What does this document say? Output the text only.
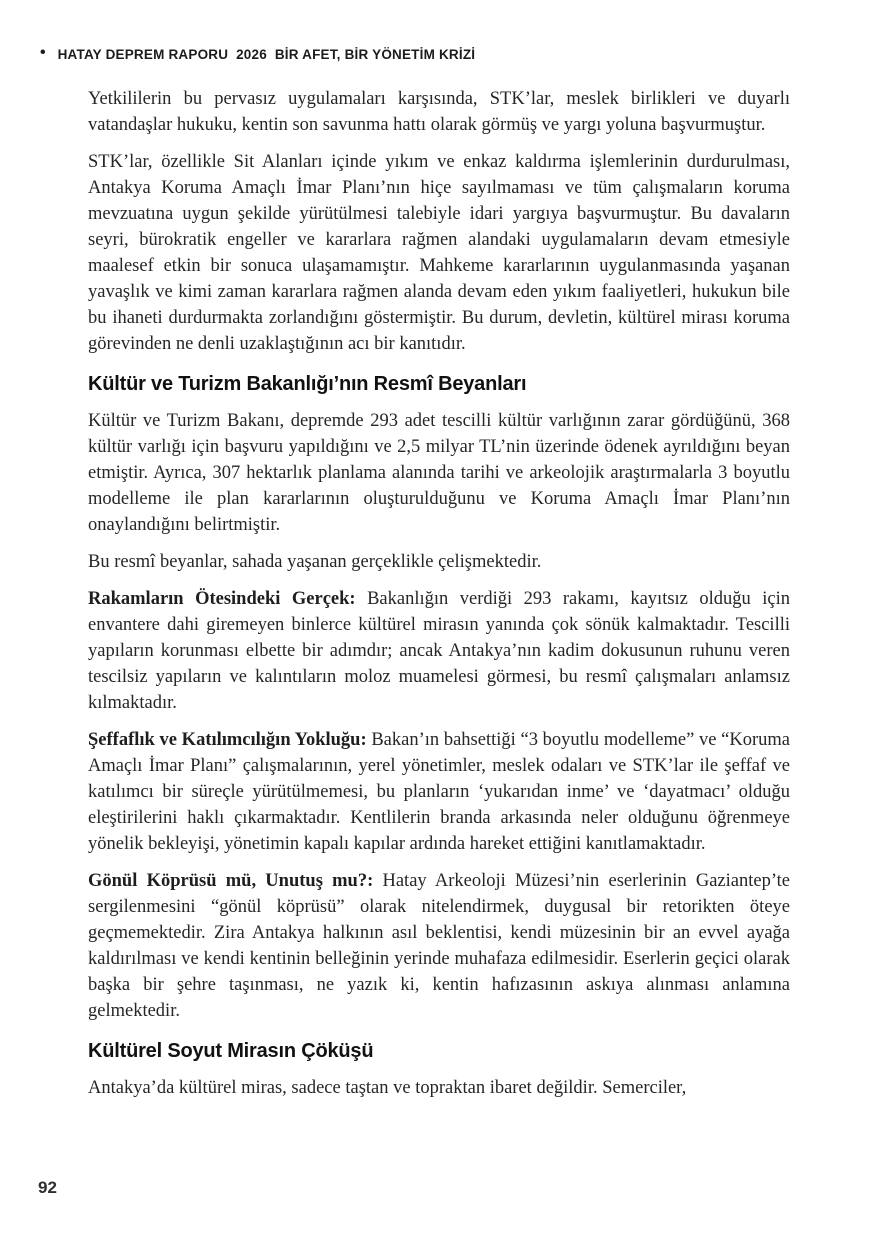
• HATAY DEPREM RAPORU  2026  BİR AFET, BİR YÖNETİM KRİZİ

Yetkililerin bu pervasız uygulamaları karşısında, STK’lar, meslek birlikleri ve duyarlı vatandaşlar hukuku, kentin son savunma hattı olarak görmüş ve yargı yoluna başvurmuştur.

STK’lar, özellikle Sit Alanları içinde yıkım ve enkaz kaldırma işlemlerinin durdurulması, Antakya Koruma Amaçlı İmar Planı’nın hiçe sayılmaması ve tüm çalışmaların koruma mevzuatına uygun şekilde yürütülmesi talebiyle idari yargıya başvurmuştur. Bu davaların seyri, bürokratik engeller ve kararlara rağmen alandaki uygulamaların devam etmesiyle maalesef etkin bir sonuca ulaşamamıştır. Mahkeme kararlarının uygulanmasında yaşanan yavaşlık ve kimi zaman kararlara rağmen alanda devam eden yıkım faaliyetleri, hukukun bile bu ihaneti durdurmakta zorlandığını göstermiştir. Bu durum, devletin, kültürel mirası koruma görevinden ne denli uzaklaştığının acı bir kanıtıdır.

Kültür ve Turizm Bakanlığı’nın Resmî Beyanları

Kültür ve Turizm Bakanı, depremde 293 adet tescilli kültür varlığının zarar gördüğünü, 368 kültür varlığı için başvuru yapıldığını ve 2,5 milyar TL’nin üzerinde ödenek ayrıldığını beyan etmiştir. Ayrıca, 307 hektarlık planlama alanında tarihi ve arkeolojik araştırmalarla 3 boyutlu modelleme ile plan kararlarının oluşturulduğunu ve Koruma Amaçlı İmar Planı’nın onaylandığını belirtmiştir.

Bu resmî beyanlar, sahada yaşanan gerçeklikle çelişmektedir.

Rakamların Ötesindeki Gerçek: Bakanlığın verdiği 293 rakamı, kayıtsız olduğu için envantere dahi giremeyen binlerce kültürel mirasın yanında çok sönük kalmaktadır. Tescilli yapıların korunması elbette bir adımdır; ancak Antakya’nın kadim dokusunun ruhunu veren tescilsiz yapıların ve kalıntıların moloz muamelesi görmesi, bu resmî çalışmaları anlamsız kılmaktadır.

Şeffaflık ve Katılımcılığın Yokluğu: Bakan’ın bahsettiği “3 boyutlu modelleme” ve “Koruma Amaçlı İmar Planı” çalışmalarının, yerel yönetimler, meslek odaları ve STK’lar ile şeffaf ve katılımcı bir süreçle yürütülmemesi, bu planların ‘yukarıdan inme’ ve ‘dayatmacı’ olduğu eleştirilerini haklı çıkarmaktadır. Kentlilerin branda arkasında neler olduğunu öğrenmeye yönelik bekleyişi, yönetimin kapalı kapılar ardında hareket ettiğini kanıtlamaktadır.

Gönül Köprüsü mü, Unutuş mu?: Hatay Arkeoloji Müzesi’nin eserlerinin Gaziantep’te sergilenmesini “gönül köprüsü” olarak nitelendirmek, duygusal bir retorikten öteye geçmemektedir. Zira Antakya halkının asıl beklentisi, kendi müzesinin bir an evvel ayağa kaldırılması ve kendi kentinin belleğinin yerinde muhafaza edilmesidir. Eserlerin geçici olarak başka bir şehre taşınması, ne yazık ki, kentin hafızasının askıya alınması anlamına gelmektedir.

Kültürel Soyut Mirasın Çöküşü

Antakya’da kültürel miras, sadece taştan ve topraktan ibaret değildir. Semerciler,

92
